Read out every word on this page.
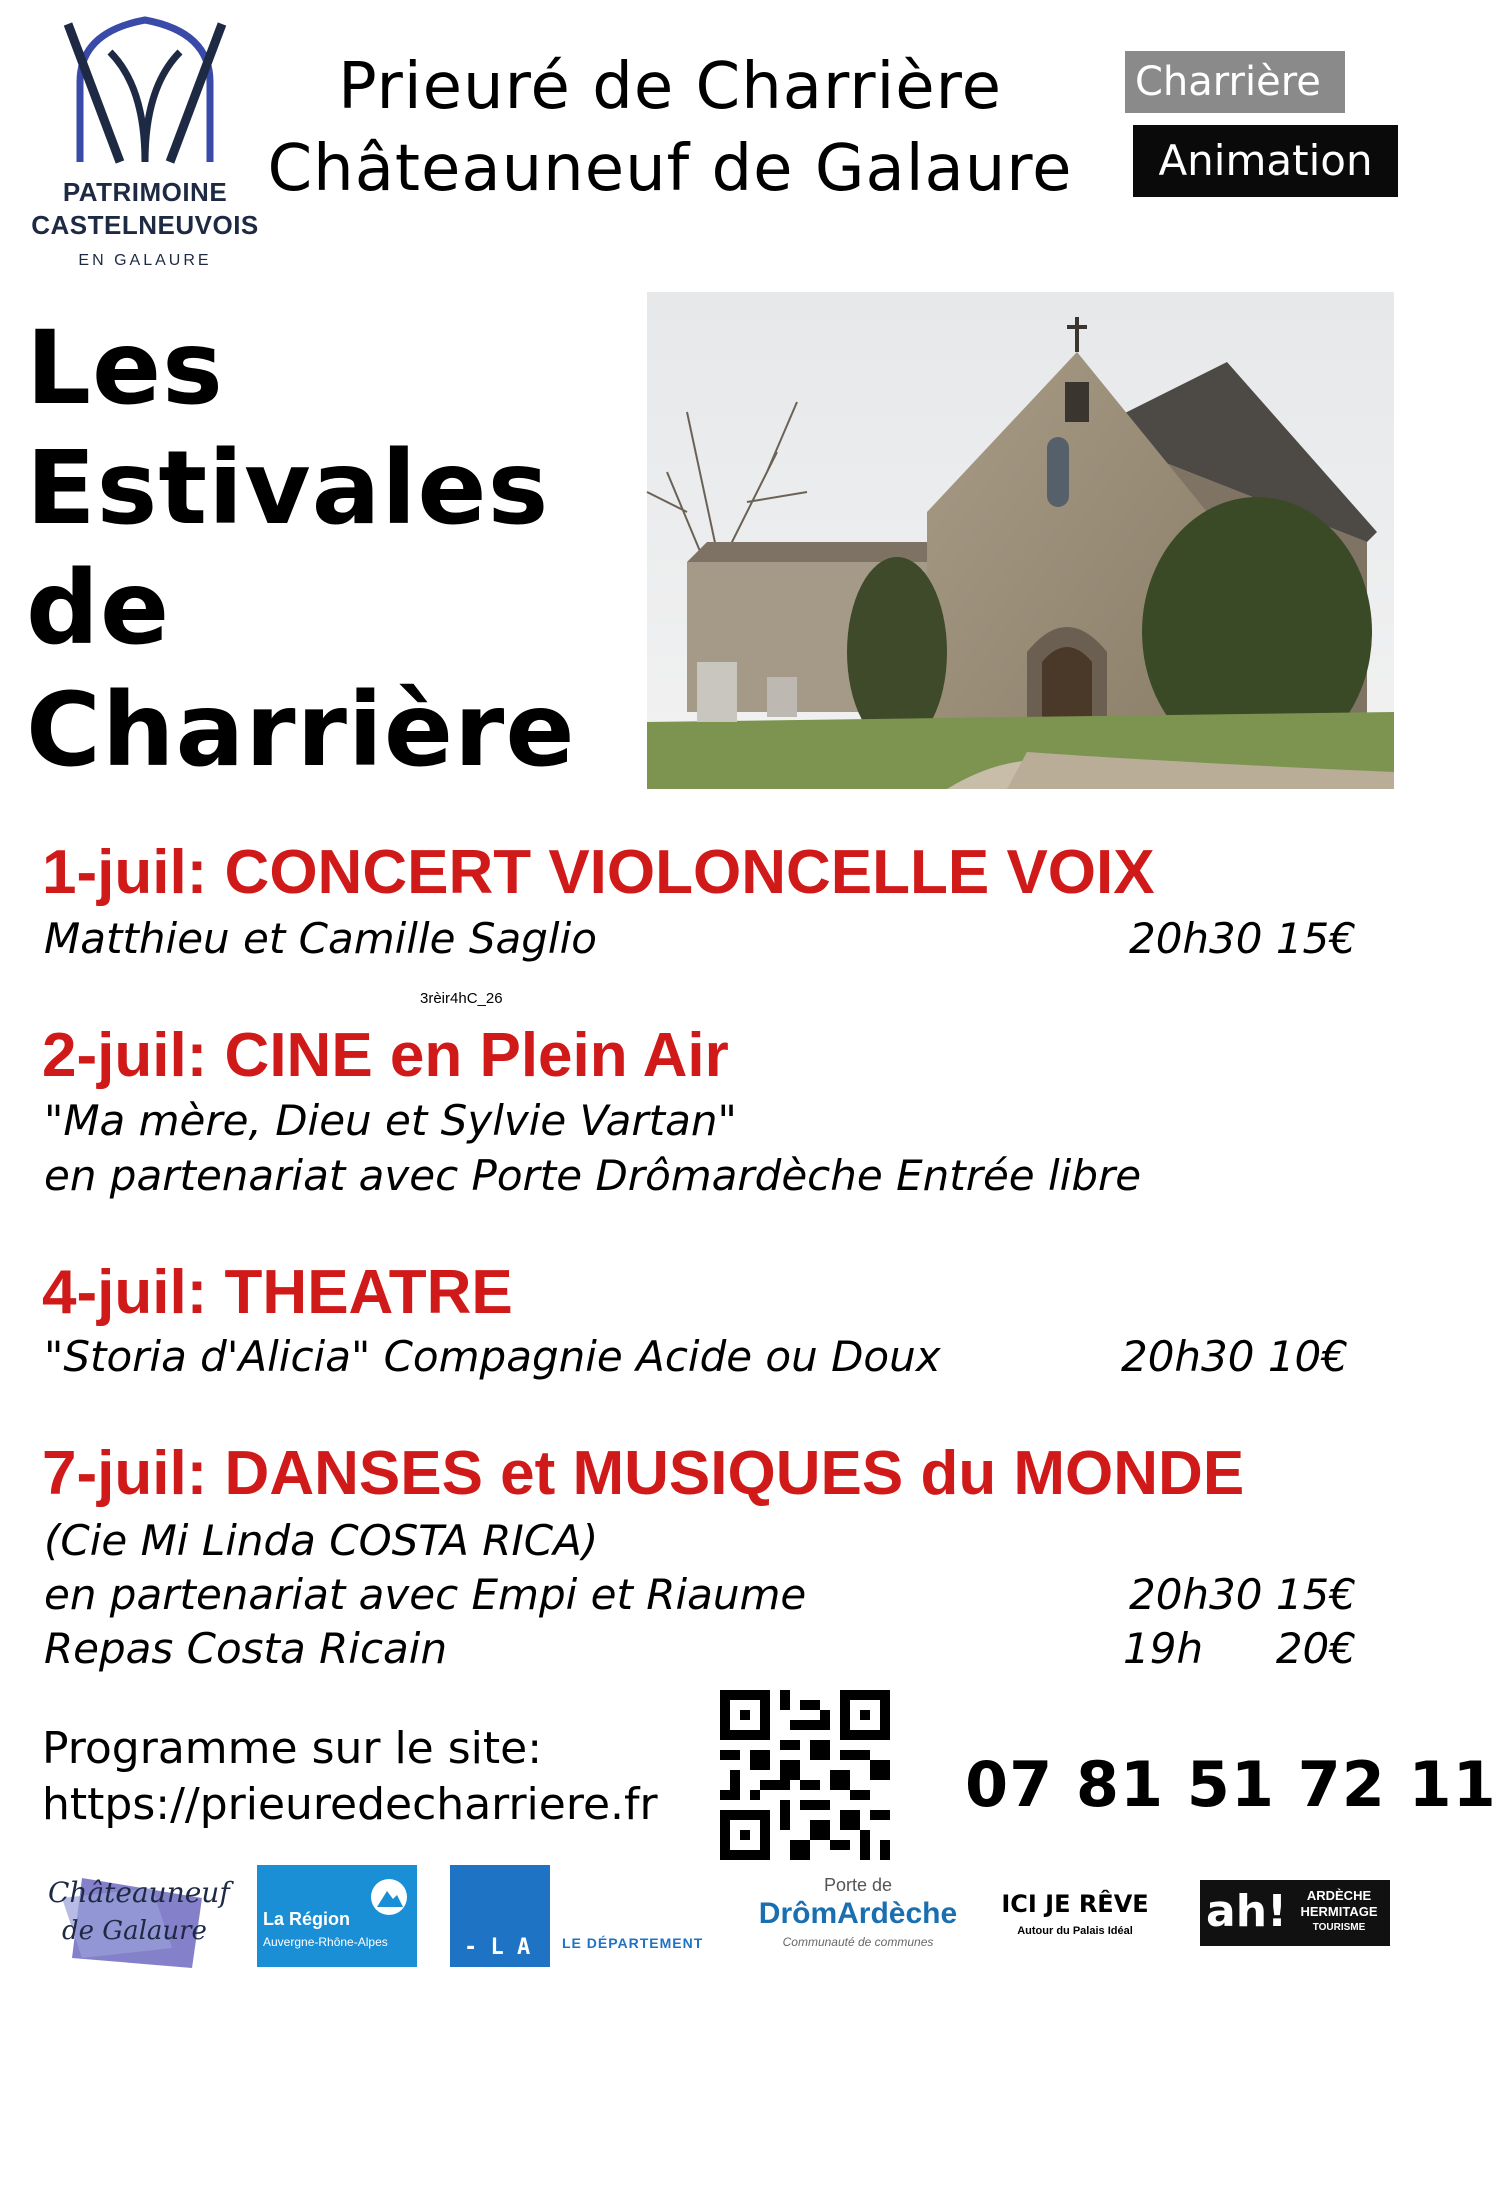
PATRIMOINE
CASTELNEUVOIS
EN GALAURE
Prieuré de Charrière
Châteauneuf de Galaure
Charrière
Animation
Les
Estivales
de
Charrière
1-juil: CONCERT VIOLONCELLE VOIX
Matthieu et Camille Saglio	20h30 15€
3rèir4hC_26
2-juil: CINE en Plein Air
"Ma mère, Dieu et Sylvie Vartan"
en partenariat avec Porte Drômardèche Entrée libre
4-juil: THEATRE
"Storia d'Alicia" Compagnie Acide ou Doux	20h30 10€
7-juil: DANSES et MUSIQUES du MONDE
(Cie Mi Linda COSTA RICA)
en partenariat avec Empi et Riaume	20h30 15€
Repas Costa Ricain	19h 20€
Programme sur le site:
https://prieuredecharriere.fr	07 81 51 72 11
Châteauneuf
de Galaure	La Région
Auvergne-Rhône-Alpes

	- L A

D R O

M E -

LE DÉPARTEMENT
Porte de
DrômArdèche
Communauté de communes
ICI JE RÊVE
Autour du Palais Idéal	ah!	ARDÈCHE
HERMITAGE
TOURISME
